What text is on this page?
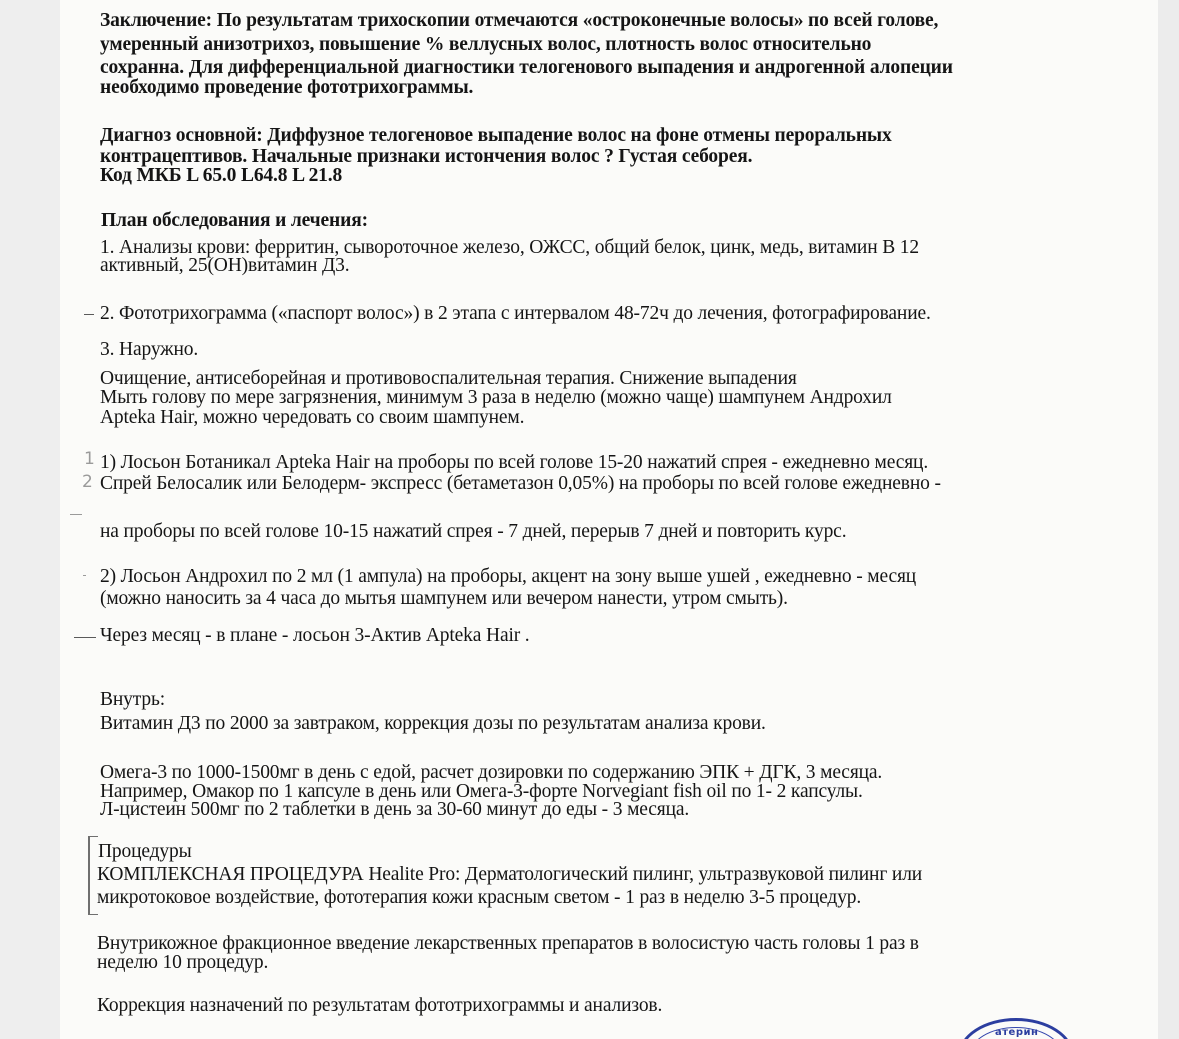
Заключение: По результатам трихоскопии отмечаются «остроконечные волосы» по всей голове,
умеренный анизотрихоз, повышение % веллусных волос, плотность волос относительно
сохранна. Для дифференциальной диагностики телогенового выпадения и андрогенной алопеции
необходимо проведение фототрихограммы.
Диагноз основной: Диффузное телогеновое выпадение волос на фоне отмены пероральных
контрацептивов. Начальные признаки истончения волос ? Густая себорея.
Код МКБ L 65.0 L64.8 L 21.8
План обследования и лечения:
1. Анализы крови: ферритин, сывороточное железо, ОЖСС, общий белок, цинк, медь, витамин В 12
активный, 25(ОН)витамин Д3.
2. Фототрихограмма («паспорт волос») в 2 этапа с интервалом 48-72ч до лечения, фотографирование.
3. Наружно.
Очищение, антисеборейная и противовоспалительная терапия. Снижение выпадения
Мыть голову по мере загрязнения, минимум 3 раза в неделю (можно чаще) шампунем Андрохил
Apteka Hair, можно чередовать со своим шампунем.
1 1) Лосьон Ботаникал Apteka Hair на проборы по всей голове 15-20 нажатий спрея - ежедневно месяц.
2 Спрей Белосалик или Белодерм- экспресс (бетаметазон 0,05%) на проборы по всей голове ежедневно -
на проборы по всей голове 10-15 нажатий спрея - 7 дней, перерыв 7 дней и повторить курс.
2) Лосьон Андрохил по 2 мл (1 ампула) на проборы, акцент на зону выше ушей , ежедневно - месяц
(можно наносить за 4 часа до мытья шампунем или вечером нанести, утром смыть).
Через месяц - в плане - лосьон 3-Актив Apteka Hair .
Внутрь:
Витамин Д3 по 2000 за завтраком, коррекция дозы по результатам анализа крови.
Омега-3 по 1000-1500мг в день с едой, расчет дозировки по содержанию ЭПК + ДГК, 3 месяца.
Например, Омакор по 1 капсуле в день или Омега-3-форте Norvegiant fish oil по 1- 2 капсулы.
Л-цистеин 500мг по 2 таблетки в день за 30-60 минут до еды - 3 месяца.
Процедуры
КОМПЛЕКСНАЯ ПРОЦЕДУРА Healite Pro: Дерматологический пилинг, ультразвуковой пилинг или
микротоковое воздействие, фототерапия кожи красным светом - 1 раз в неделю 3-5 процедур.
Внутрикожное фракционное введение лекарственных препаратов в волосистую часть головы 1 раз в
неделю 10 процедур.
Коррекция назначений по результатам фототрихограммы и анализов.
атерин
